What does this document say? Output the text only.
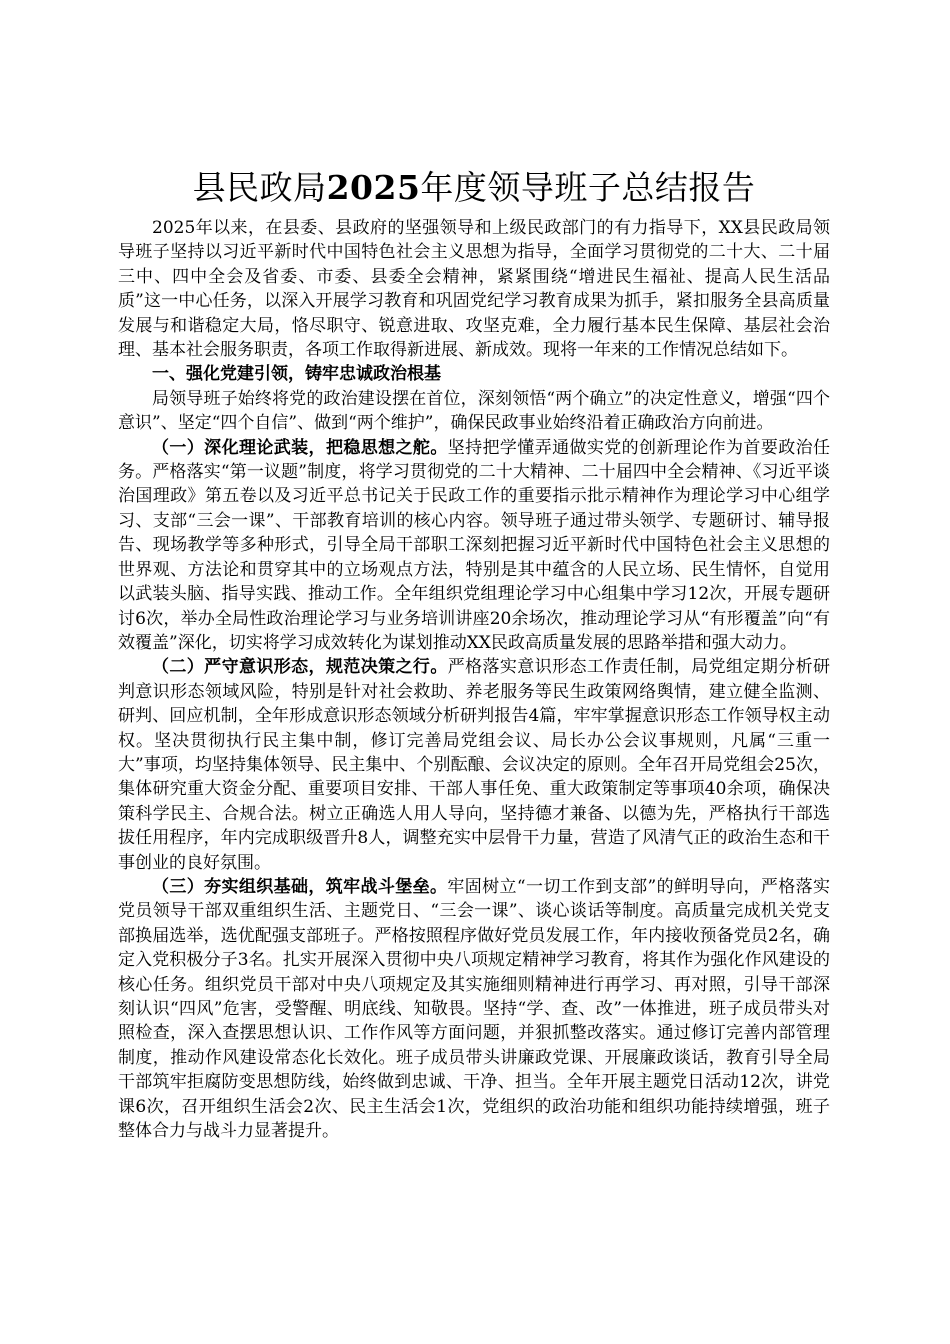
县民政局2025年度领导班子总结报告

2025年以来，在县委、县政府的坚强领导和上级民政部门的有力指导下，XX县民政局领导班子坚持以习近平新时代中国特色社会主义思想为指导，全面学习贯彻党的二十大、二十届三中、四中全会及省委、市委、县委全会精神，紧紧围绕“增进民生福祉、提高人民生活品质”这一中心任务，以深入开展学习教育和巩固党纪学习教育成果为抓手，紧扣服务全县高质量发展与和谐稳定大局，恪尽职守、锐意进取、攻坚克难，全力履行基本民生保障、基层社会治理、基本社会服务职责，各项工作取得新进展、新成效。现将一年来的工作情况总结如下。

一、强化党建引领，铸牢忠诚政治根基

局领导班子始终将党的政治建设摆在首位，深刻领悟“两个确立”的决定性意义，增强“四个意识”、坚定“四个自信”、做到“两个维护”，确保民政事业始终沿着正确政治方向前进。

（一）深化理论武装，把稳思想之舵。坚持把学懂弄通做实党的创新理论作为首要政治任务。严格落实“第一议题”制度，将学习贯彻党的二十大精神、二十届四中全会精神、《习近平谈治国理政》第五卷以及习近平总书记关于民政工作的重要指示批示精神作为理论学习中心组学习、支部“三会一课”、干部教育培训的核心内容。领导班子通过带头领学、专题研讨、辅导报告、现场教学等多种形式，引导全局干部职工深刻把握习近平新时代中国特色社会主义思想的世界观、方法论和贯穿其中的立场观点方法，特别是其中蕴含的人民立场、民生情怀，自觉用以武装头脑、指导实践、推动工作。全年组织党组理论学习中心组集中学习12次，开展专题研讨6次，举办全局性政治理论学习与业务培训讲座20余场次，推动理论学习从“有形覆盖”向“有效覆盖”深化，切实将学习成效转化为谋划推动XX民政高质量发展的思路举措和强大动力。

（二）严守意识形态，规范决策之行。严格落实意识形态工作责任制，局党组定期分析研判意识形态领域风险，特别是针对社会救助、养老服务等民生政策网络舆情，建立健全监测、研判、回应机制，全年形成意识形态领域分析研判报告4篇，牢牢掌握意识形态工作领导权主动权。坚决贯彻执行民主集中制，修订完善局党组会议、局长办公会议事规则，凡属“三重一大”事项，均坚持集体领导、民主集中、个别酝酿、会议决定的原则。全年召开局党组会25次，集体研究重大资金分配、重要项目安排、干部人事任免、重大政策制定等事项40余项，确保决策科学民主、合规合法。树立正确选人用人导向，坚持德才兼备、以德为先，严格执行干部选拔任用程序，年内完成职级晋升8人，调整充实中层骨干力量，营造了风清气正的政治生态和干事创业的良好氛围。

（三）夯实组织基础，筑牢战斗堡垒。牢固树立“一切工作到支部”的鲜明导向，严格落实党员领导干部双重组织生活、主题党日、“三会一课”、谈心谈话等制度。高质量完成机关党支部换届选举，选优配强支部班子。严格按照程序做好党员发展工作，年内接收预备党员2名，确定入党积极分子3名。扎实开展深入贯彻中央八项规定精神学习教育，将其作为强化作风建设的核心任务。组织党员干部对中央八项规定及其实施细则精神进行再学习、再对照，引导干部深刻认识“四风”危害，受警醒、明底线、知敬畏。坚持“学、查、改”一体推进，班子成员带头对照检查，深入查摆思想认识、工作作风等方面问题，并狠抓整改落实。通过修订完善内部管理制度，推动作风建设常态化长效化。班子成员带头讲廉政党课、开展廉政谈话，教育引导全局干部筑牢拒腐防变思想防线，始终做到忠诚、干净、担当。全年开展主题党日活动12次，讲党课6次，召开组织生活会2次、民主生活会1次，党组织的政治功能和组织功能持续增强，班子整体合力与战斗力显著提升。
